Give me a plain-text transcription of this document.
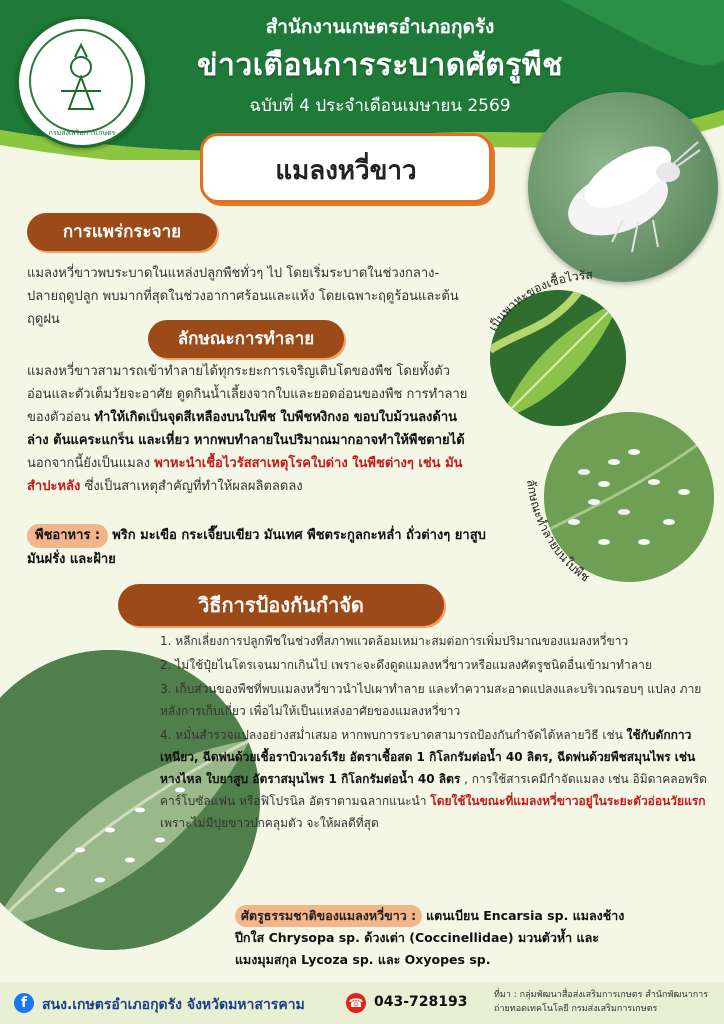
กรมส่งเสริมการเกษตร
สำนักงานเกษตรอำเภอกุดรัง
ข่าวเตือนการระบาดศัตรูพืช
ฉบับที่ 4 ประจำเดือนเมษายน 2569
แมลงหวี่ขาว
เป็นพาหะของเชื้อไวรัส
ลักษณะทำลายบนใบพืช
การแพร่กระจาย
แมลงหวี่ขาวพบระบาดในแหล่งปลูกพืชทั่วๆ ไป โดยเริ่มระบาดในช่วงกลาง-ปลายฤดูปลูก พบมากที่สุดในช่วงอากาศร้อนและแห้ง โดยเฉพาะฤดูร้อนและต้นฤดูฝน
ลักษณะการทำลาย
แมลงหวี่ขาวสามารถเข้าทำลายได้ทุกระยะการเจริญเติบโตของพืช โดยทั้งตัวอ่อนและตัวเต็มวัยจะอาศัย ดูดกินน้ำเลี้ยงจากใบและยอดอ่อนของพืช การทำลายของตัวอ่อน ทำให้เกิดเป็นจุดสีเหลืองบนใบพืช ใบพืชหงิกงอ ขอบใบม้วนลงด้านล่าง ต้นแคระแกร็น และเหี่ยว หากพบทำลายในปริมาณมากอาจทำให้พืชตายได้ นอกจากนี้ยังเป็นแมลง พาหะนำเชื้อไวรัสสาเหตุโรคใบด่าง ในพืชต่างๆ เช่น มันสำปะหลัง ซึ่งเป็นสาเหตุสำคัญที่ทำให้ผลผลิตลดลง
พืชอาหาร : พริก มะเขือ กระเจี๊ยบเขียว มันเทศ พืชตระกูลกะหล่ำ ถั่วต่างๆ ยาสูบ มันฝรั่ง และฝ้าย
วิธีการป้องกันกำจัด

1. หลีกเลี่ยงการปลูกพืชในช่วงที่สภาพแวดล้อมเหมาะสมต่อการเพิ่มปริมาณของแมลงหวี่ขาว

2. ไม่ใช้ปุ๋ยไนโตรเจนมากเกินไป เพราะจะดึงดูดแมลงหวี่ขาวหรือแมลงศัตรูชนิดอื่นเข้ามาทำลาย

3. เก็บส่วนของพืชที่พบแมลงหวี่ขาวนำไปเผาทำลาย และทำความสะอาดแปลงและบริเวณรอบๆ แปลง ภายหลังการเก็บเกี่ยว เพื่อไม่ให้เป็นแหล่งอาศัยของแมลงหวี่ขาว

4. หมั่นสำรวจแปลงอย่างสม่ำเสมอ หากพบการระบาดสามารถป้องกันกำจัดได้หลายวิธี เช่น ใช้กับดักกาวเหนียว, ฉีดพ่นด้วยเชื้อราบิวเวอร์เรีย อัตราเชื้อสด 1 กิโลกรัมต่อน้ำ 40 ลิตร, ฉีดพ่นด้วยพืชสมุนไพร เช่น หางไหล ใบยาสูบ อัตราสมุนไพร 1 กิโลกรัมต่อน้ำ 40 ลิตร , การใช้สารเคมีกำจัดแมลง เช่น อิมิดาคลอพริด คาร์โบซัลแฟน หรือฟิโปรนิล อัตราตามฉลากแนะนำ โดยใช้ในขณะที่แมลงหวี่ขาวอยู่ในระยะตัวอ่อนวัยแรกเพราะไม่มีปุยขาวปกคลุมตัว จะให้ผลดีที่สุด

ศัตรูธรรมชาติของแมลงหวี่ขาว : แตนเบียน Encarsia sp. แมลงช้างปีกใส Chrysopa sp. ด้วงเต่า (Coccinellidae) มวนตัวห้ำ และแมงมุมสกุล Lycoza sp. และ Oxyopes sp.
f	สนง.เกษตรอำเภอกุดรัง จังหวัดมหาสารคาม	☎ 043-728193	ที่มา : กลุ่มพัฒนาสื่อส่งเสริมการเกษตร สำนักพัฒนาการถ่ายทอดเทคโนโลยี กรมส่งเสริมการเกษตร
